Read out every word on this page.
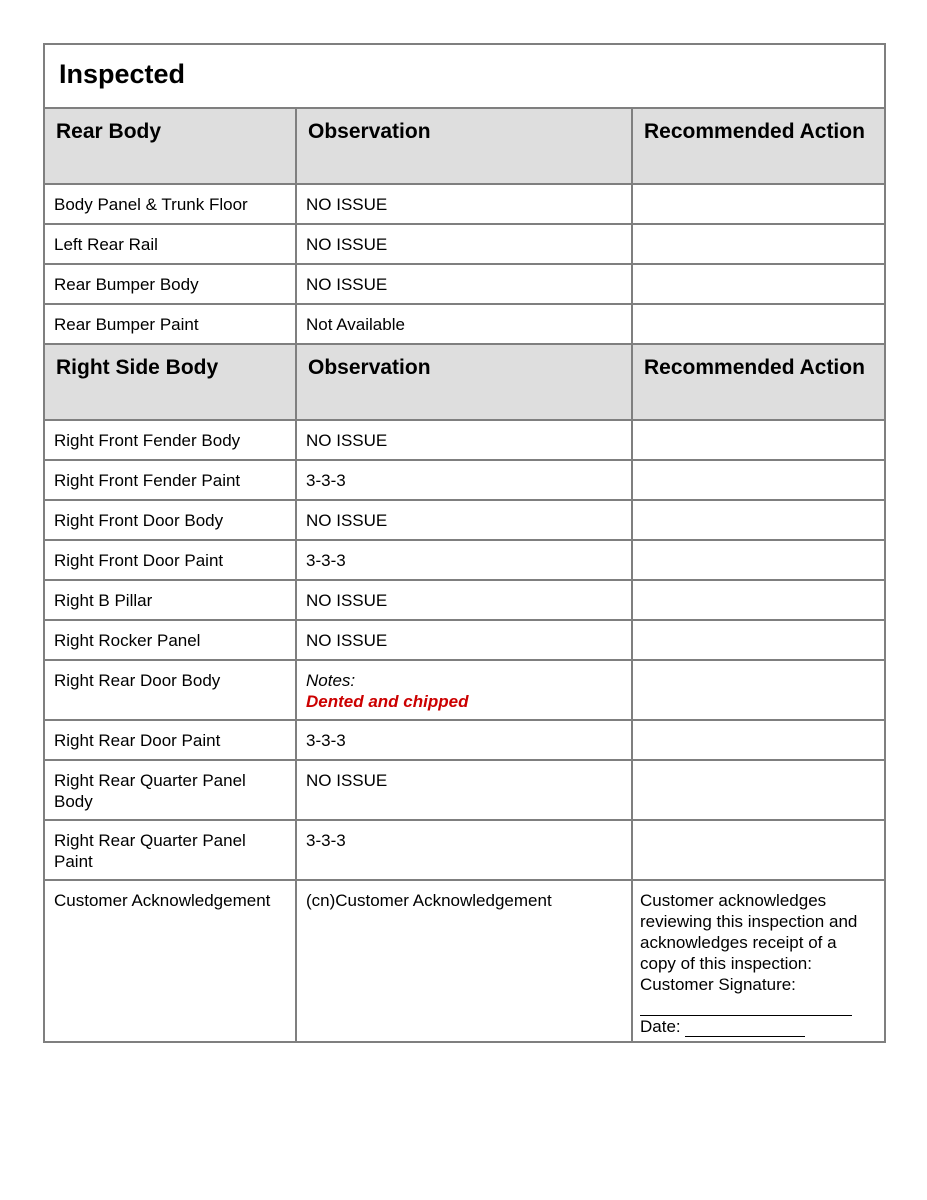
Inspected		
Rear Body	Observation	Recommended Action
Body Panel & Trunk Floor	NO ISSUE	
Left Rear Rail	NO ISSUE	
Rear Bumper Body	NO ISSUE	
Rear Bumper Paint	Not Available	
Right Side Body	Observation	Recommended Action
Right Front Fender Body	NO ISSUE	
Right Front Fender Paint	3-3-3	
Right Front Door Body	NO ISSUE	
Right Front Door Paint	3-3-3	
Right B Pillar	NO ISSUE	
Right Rocker Panel	NO ISSUE	
Right Rear Door Body	Notes:
Dented and chipped	

Right Rear Door Paint	3-3-3	
Right Rear Quarter Panel Body	NO ISSUE	
Right Rear Quarter Panel Paint	3-3-3	
Customer Acknowledgement	(cn)Customer Acknowledgement	Customer acknowledges reviewing this inspection and acknowledges receipt of a copy of this inspection:
Customer Signature:
Date:
